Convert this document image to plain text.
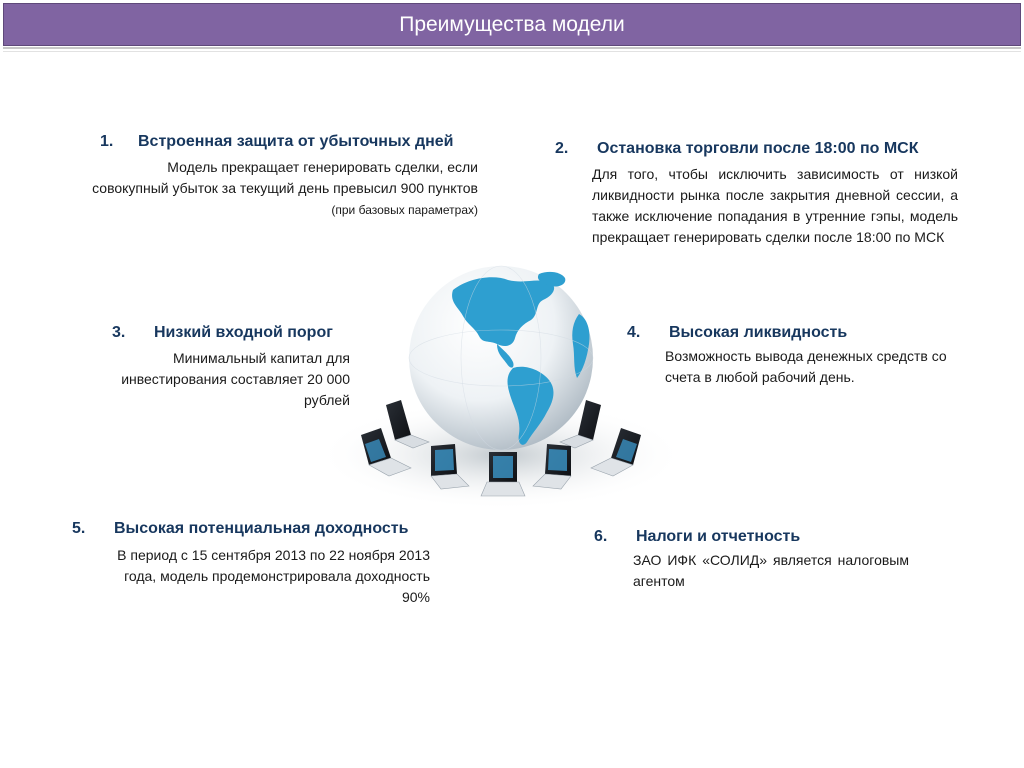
Преимущества модели
1.	Встроенная защита от убыточных дней
Модель прекращает генерировать сделки, если совокупный убыток за текущий день превысил 900 пунктов (при базовых параметрах)
2.	Остановка торговли после 18:00 по МСК
Для того, чтобы исключить зависимость от низкой ликвидности рынка после закрытия дневной сессии, а также исключение попадания в утренние гэпы, модель прекращает генерировать сделки после 18:00 по МСК
3.	Низкий входной порог
Минимальный капитал для инвестирования составляет 20 000 рублей
4.	Высокая ликвидность
Возможность вывода денежных средств со счета в любой рабочий день.
5.	Высокая потенциальная доходность
В период с 15 сентября 2013 по 22 ноября 2013 года, модель продемонстрировала доходность 90%
6.	Налоги и отчетность
ЗАО ИФК «СОЛИД» является налоговым агентом
